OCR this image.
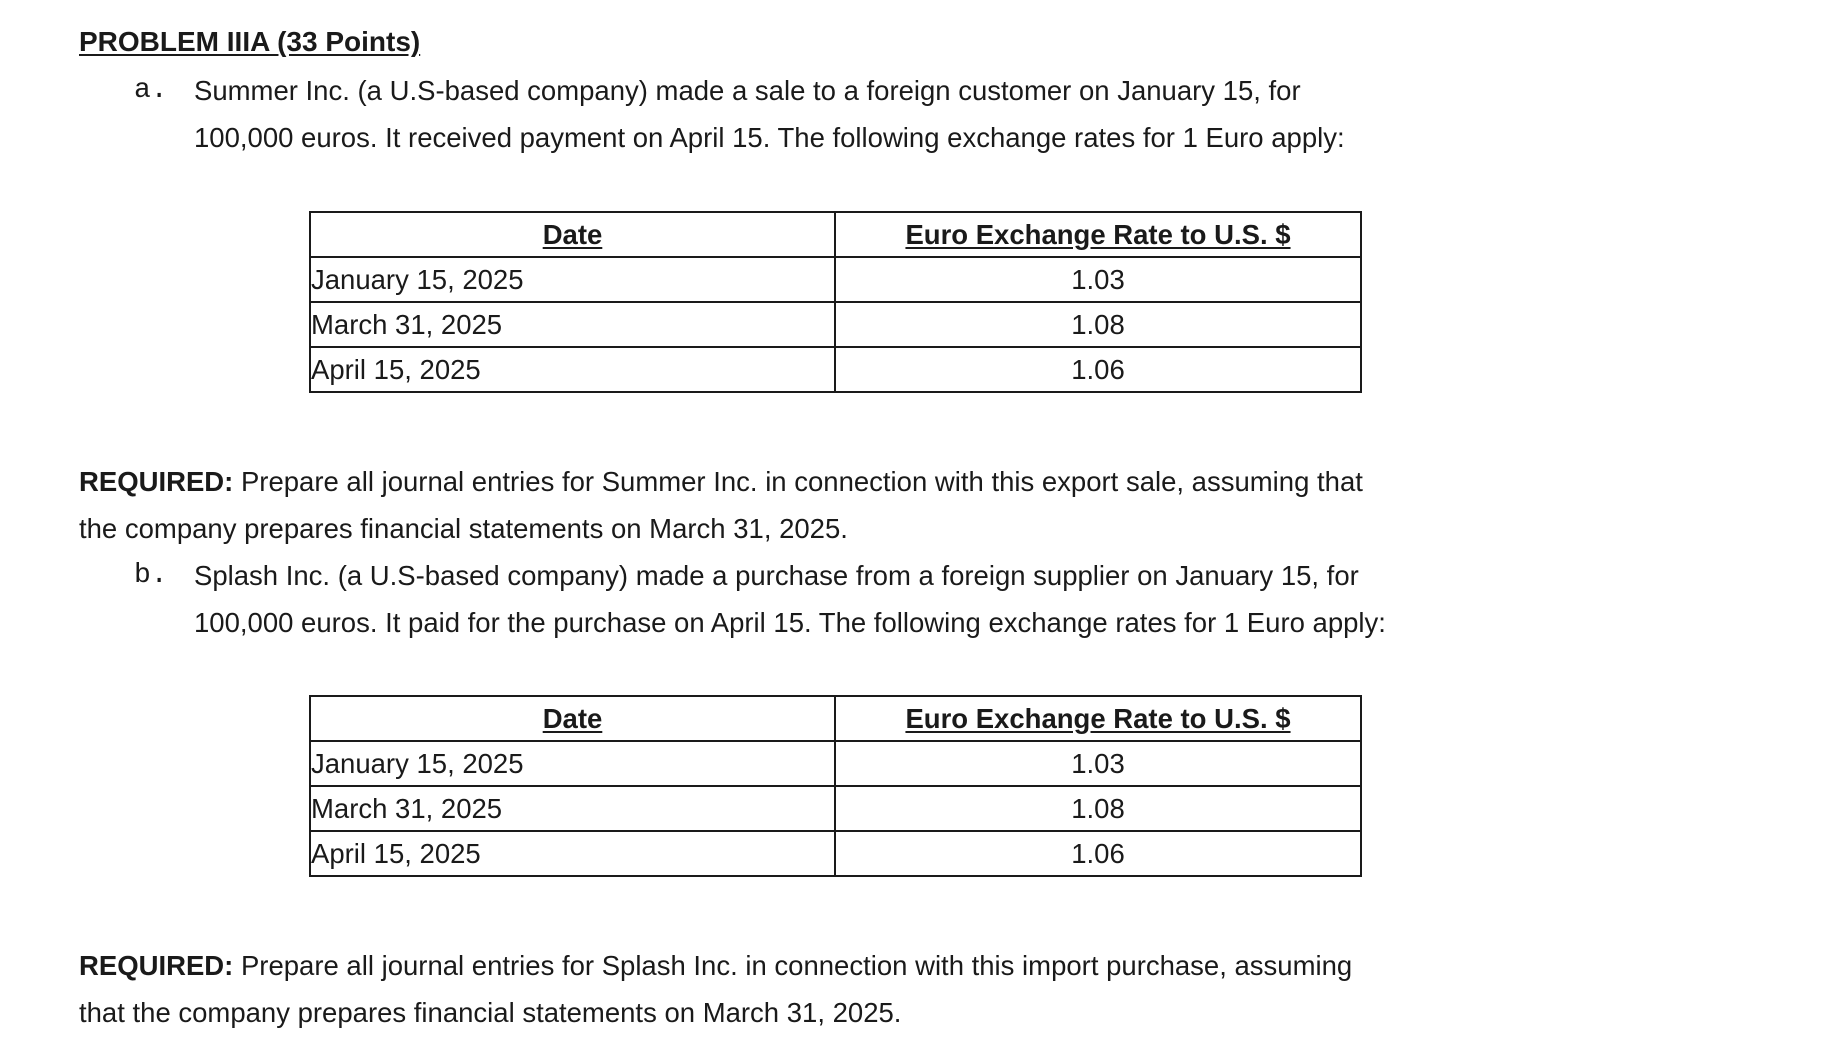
PROBLEM IIIA (33 Points)
a. Summer Inc. (a U.S-based company) made a sale to a foreign customer on January 15, for

100,000 euros. It received payment on April 15. The following exchange rates for 1 Euro apply:

Date	Euro Exchange Rate to U.S. $
January 15, 2025	1.03
March 31, 2025	1.08
April 15, 2025	1.06

REQUIRED: Prepare all journal entries for Summer Inc. in connection with this export sale, assuming that

the company prepares financial statements on March 31, 2025.

b. Splash Inc. (a U.S-based company) made a purchase from a foreign supplier on January 15, for

100,000 euros. It paid for the purchase on April 15. The following exchange rates for 1 Euro apply:

Date	Euro Exchange Rate to U.S. $
January 15, 2025	1.03
March 31, 2025	1.08
April 15, 2025	1.06

REQUIRED: Prepare all journal entries for Splash Inc. in connection with this import purchase, assuming

that the company prepares financial statements on March 31, 2025.
